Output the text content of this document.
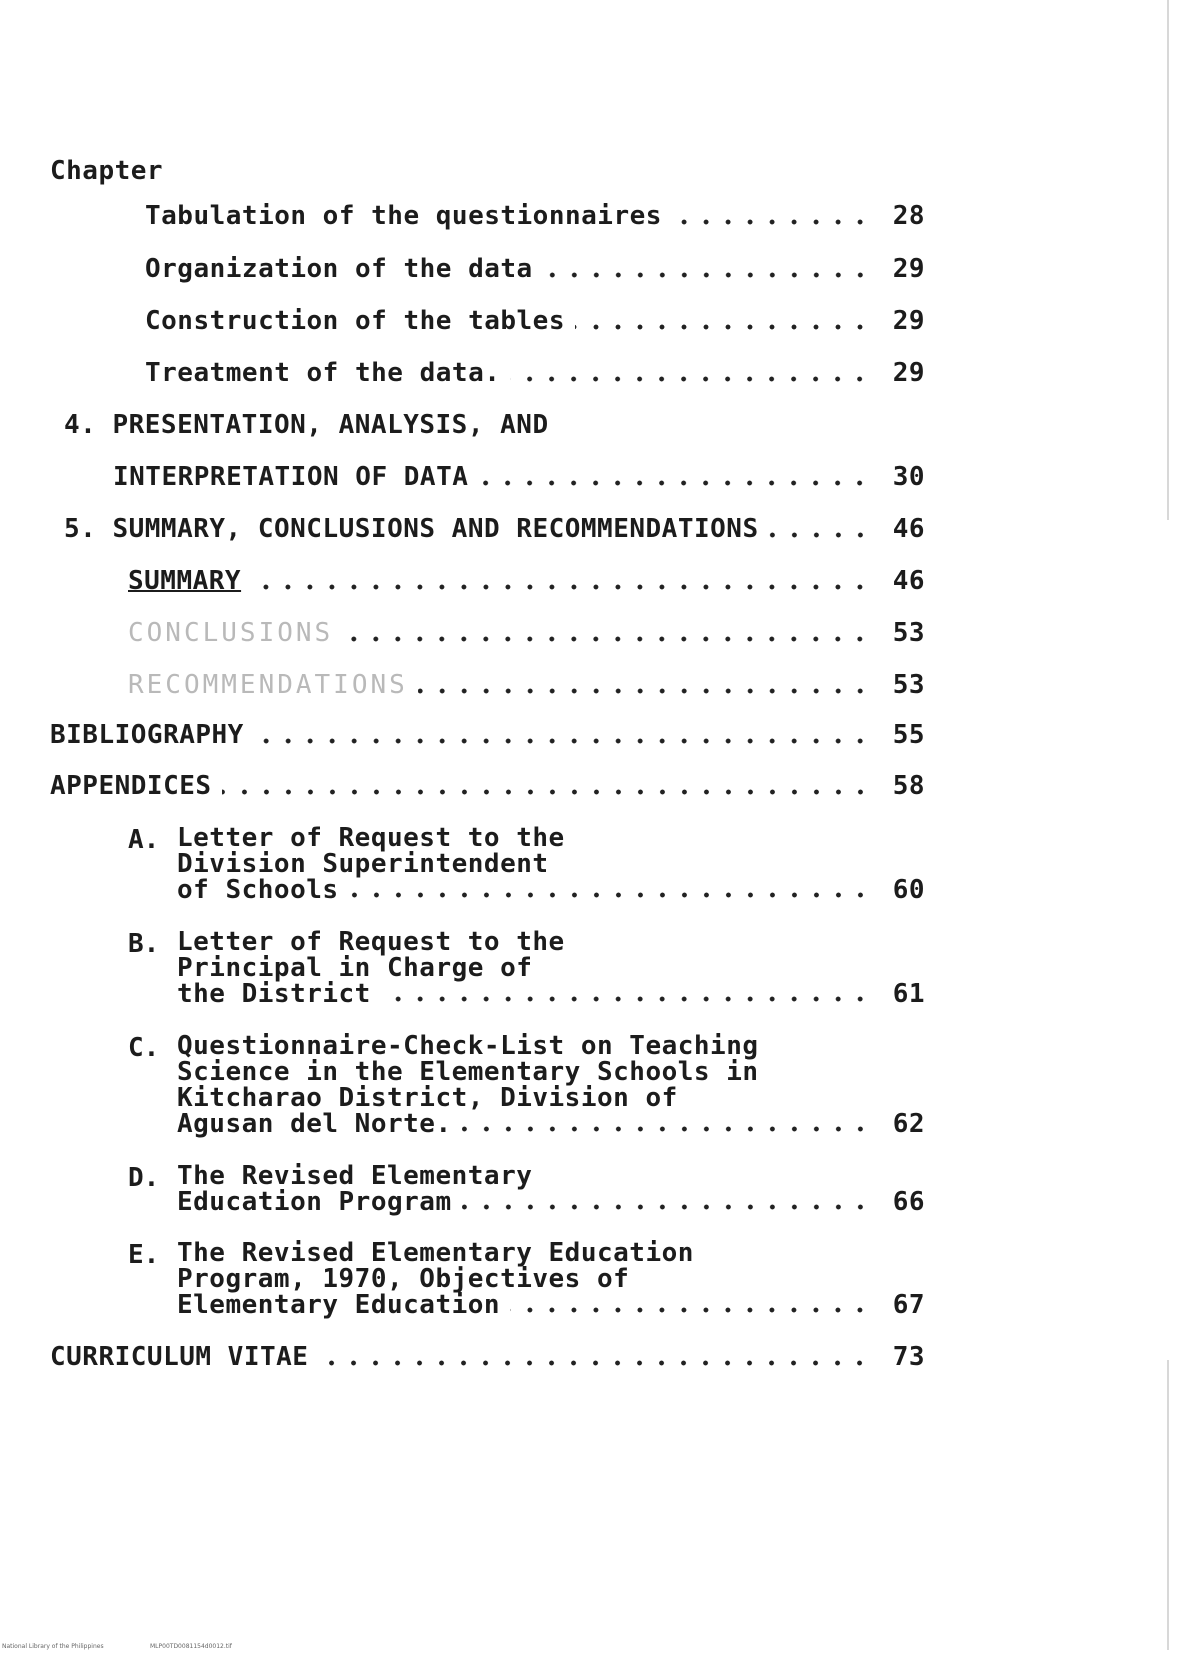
Chapter
Tabulation of the questionnaires	28
Organization of the data	29
Construction of the tables	29
Treatment of the data.	29
4. PRESENTATION, ANALYSIS, AND
INTERPRETATION OF DATA	30
5. SUMMARY, CONCLUSIONS AND RECOMMENDATIONS	46
SUMMARY	46
CONCLUSIONS	53
RECOMMENDATIONS	53
BIBLIOGRAPHY	55
APPENDICES	58
A. Letter of Request to the
Division Superintendent
of Schools	60
B. Letter of Request to the
Principal in Charge of
the District	61
C. Questionnaire-Check-List on Teaching
Science in the Elementary Schools in
Kitcharao District, Division of
Agusan del Norte.	62
D. The Revised Elementary
Education Program	66
E. The Revised Elementary Education
Program, 1970, Objectives of
Elementary Education	67
CURRICULUM VITAE	73
National Library of the Philippines	MLP00TD0081154d0012.tif
